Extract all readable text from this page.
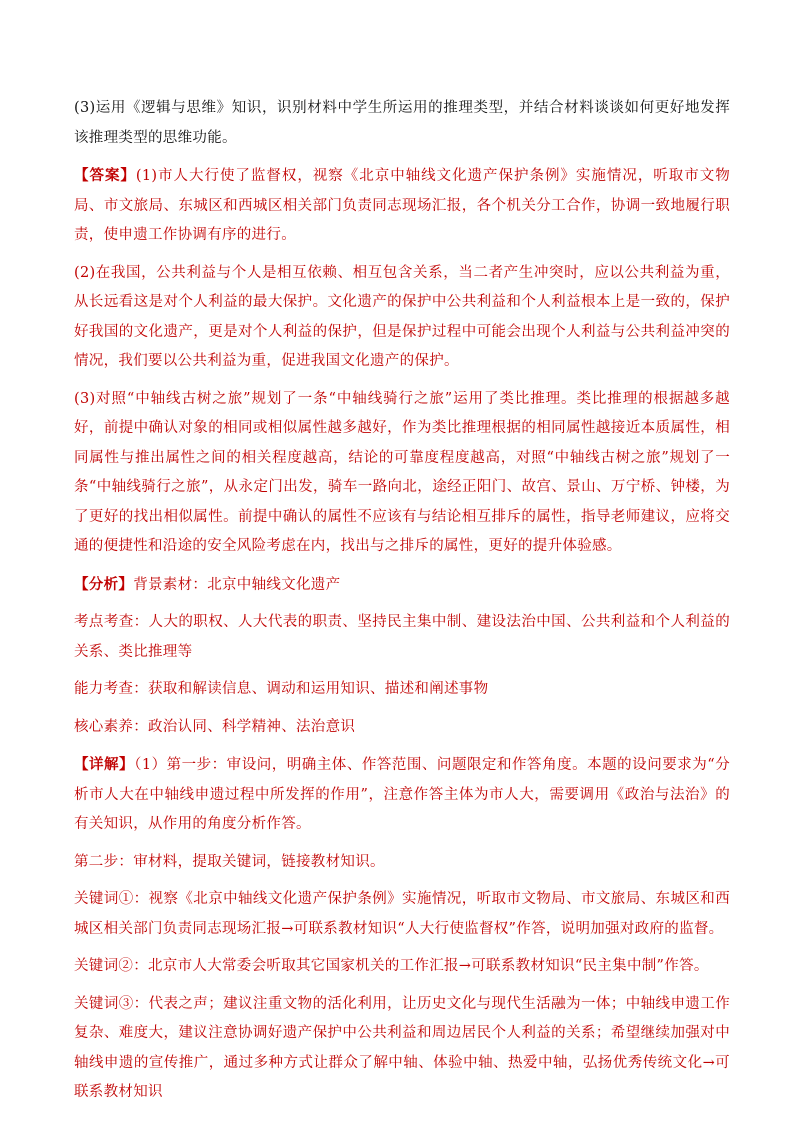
(3)运用《逻辑与思维》知识，识别材料中学生所运用的推理类型，并结合材料谈谈如何更好地发挥该推理类型的思维功能。

【答案】(1)市人大行使了监督权，视察《北京中轴线文化遗产保护条例》实施情况，听取市文物局、市文旅局、东城区和西城区相关部门负责同志现场汇报，各个机关分工合作，协调一致地履行职责，使申遗工作协调有序的进行。

(2)在我国，公共利益与个人是相互依赖、相互包含关系，当二者产生冲突时，应以公共利益为重，从长远看这是对个人利益的最大保护。文化遗产的保护中公共利益和个人利益根本上是一致的，保护好我国的文化遗产，更是对个人利益的保护，但是保护过程中可能会出现个人利益与公共利益冲突的情况，我们要以公共利益为重，促进我国文化遗产的保护。

(3)对照“中轴线古树之旅”规划了一条“中轴线骑行之旅”运用了类比推理。类比推理的根据越多越好，前提中确认对象的相同或相似属性越多越好，作为类比推理根据的相同属性越接近本质属性，相同属性与推出属性之间的相关程度越高，结论的可靠度程度越高，对照“中轴线古树之旅”规划了一条“中轴线骑行之旅”，从永定门出发，骑车一路向北，途经正阳门、故宫、景山、万宁桥、钟楼，为了更好的找出相似属性。前提中确认的属性不应该有与结论相互排斥的属性，指导老师建议，应将交通的便捷性和沿途的安全风险考虑在内，找出与之排斥的属性，更好的提升体验感。

【分析】背景素材：北京中轴线文化遗产

考点考查：人大的职权、人大代表的职责、坚持民主集中制、建设法治中国、公共利益和个人利益的关系、类比推理等

能力考查：获取和解读信息、调动和运用知识、描述和阐述事物

核心素养：政治认同、科学精神、法治意识

【详解】（1）第一步：审设问，明确主体、作答范围、问题限定和作答角度。本题的设问要求为“分析市人大在中轴线申遗过程中所发挥的作用”，注意作答主体为市人大，需要调用《政治与法治》的有关知识，从作用的角度分析作答。

第二步：审材料，提取关键词，链接教材知识。

关键词①：视察《北京中轴线文化遗产保护条例》实施情况，听取市文物局、市文旅局、东城区和西城区相关部门负责同志现场汇报→可联系教材知识“人大行使监督权”作答，说明加强对政府的监督。

关键词②：北京市人大常委会听取其它国家机关的工作汇报→可联系教材知识“民主集中制”作答。

关键词③：代表之声；建议注重文物的活化利用，让历史文化与现代生活融为一体；中轴线申遗工作复杂、难度大，建议注意协调好遗产保护中公共利益和周边居民个人利益的关系；希望继续加强对中轴线申遗的宣传推广，通过多种方式让群众了解中轴、体验中轴、热爱中轴，弘扬优秀传统文化→可联系教材知识
